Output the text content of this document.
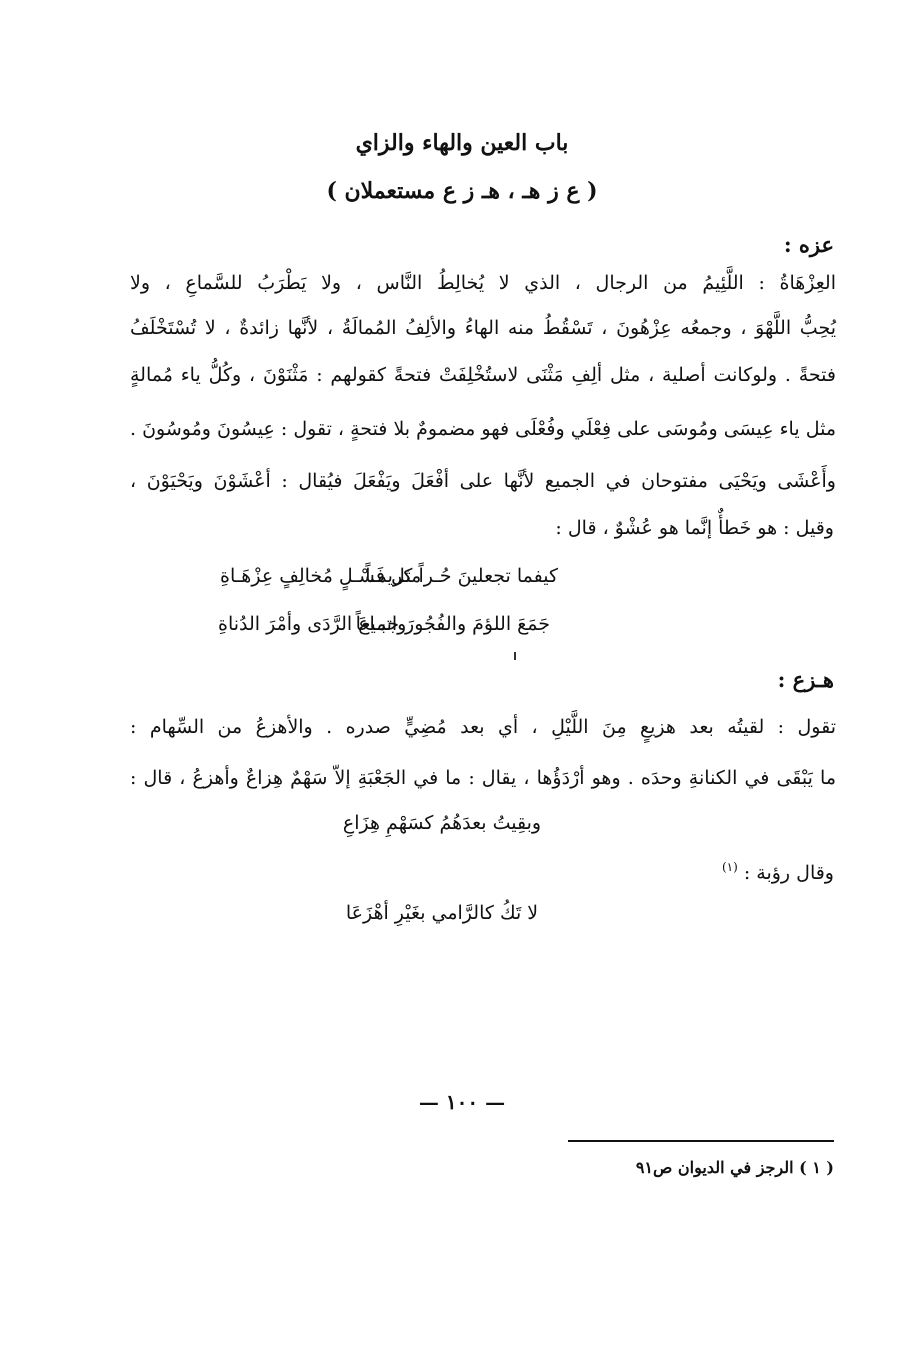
باب العين والهاء والزاي
( ع ز هـ ، هـ ز ع مستعملان )
عزه :
العِزْهَاةُ : اللَّئِيمُ من الرجال ، الذي لا يُخالِطُ النَّاس ، ولا يَطْرَبُ للسَّماعِ ، ولا
يُحِبُّ اللَّهْوَ ، وجمعُه عِزْهُونَ ، تَسْقُطُ منه الهاءُ والألِفُ المُمالَةُ ، لأنَّها زائدةٌ ، لا تُسْتَخْلَفُ
فتحةً . ولوكانت أصلية ، مثل ألِفِ مَثْنَى لاستُخْلِفَتْ فتحةً كقولهم : مَثْنَوْنَ ، وكُلُّ ياء مُمالةٍ
مثل ياء عِيسَى ومُوسَى على فِعْلَي وفُعْلَى فهو مضمومٌ بلا فتحةٍ ، تقول : عِيسُونَ ومُوسُونَ .
وأَعْشَى ويَحْيَى مفتوحان في الجميع لأنَّها على أفْعَلَ ويَفْعَلَ فيُقال : أعْشَوْنَ ويَحْيَوْنَ ،
وقيل : هو خَطأٌ إنَّما هو عُشْوٌ ، قال :
كيفما تجعلينَ حُـراً كريمـاً
مثل فَسْـلٍ مُخالِفٍ عِزْهَـاةِ
جَمَعَ اللؤمَ والفُجُورَ جميعاً
واتبـاعَ الرَّدَى وأمْرَ الدُناةِ
هـزع :
تقول : لقيتُه بعد هزيعٍ مِنَ اللَّيْلِ ، أي بعد مُضِيٍّ صدره . والأهزعُ من السِّهام :
ما يَبْقَى في الكنانةِ وحدَه . وهو أرْدَؤُها ، يقال : ما في الجَعْبَةِ إلاّ سَهْمٌ هِزاعٌ وأهزعُ ، قال :
وبقِيتُ بعدَهُمُ كسَهْمِ هِزَاعِ
وقال رؤبة : $^{(١)}$
لا تَكُ كالرَّامي بغَيْرِ أهْزَعَا
— ١٠٠ —
( ١ ) الرجز في الديوان ص٩١
